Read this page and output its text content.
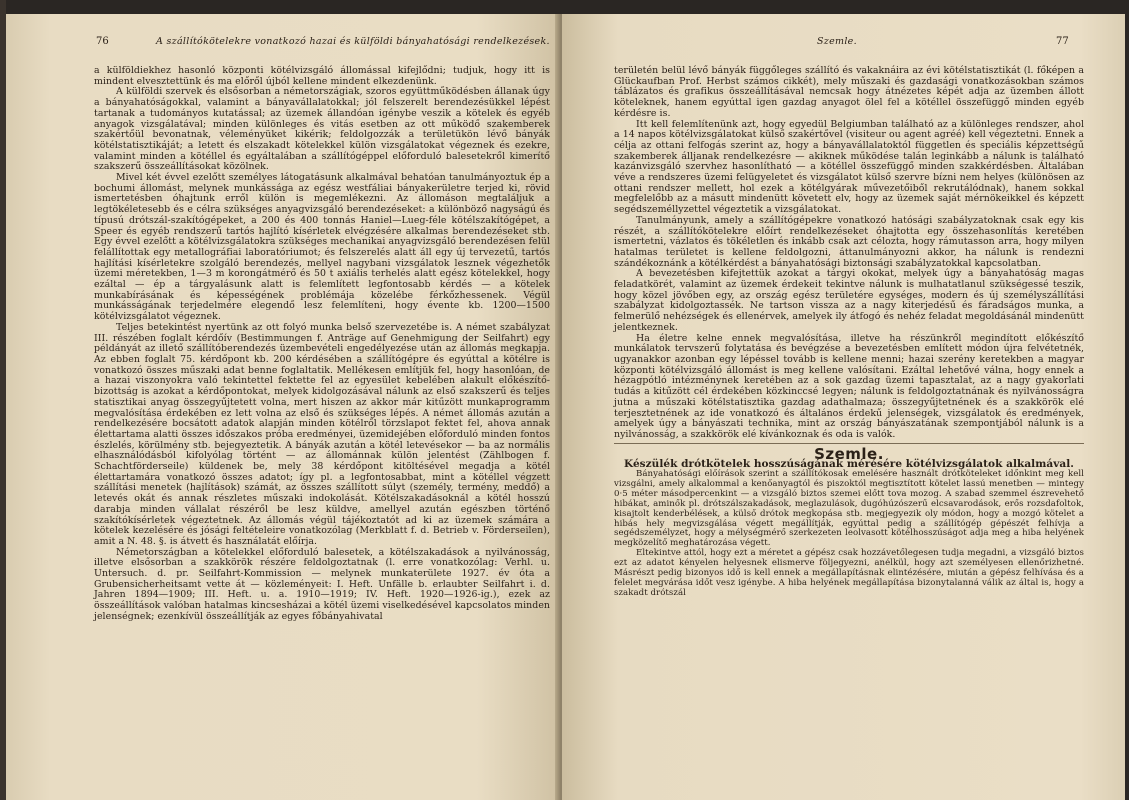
76	A szállítókötelekre vonatkozó hazai és külföldi bányahatósági rendelkezések.

a külföldiekhez hasonló központi kötélvizsgáló állomással kifejlődni; tudjuk, hogy itt is mindent elvesztettünk és ma előről újból kellene mindent elkezdenünk.

A külföldi szervek és elsősorban a németországiak, szoros együttműködésben állanak úgy a bányahatóságokkal, valamint a bányavállalatokkal; jól felszerelt berendezésükkel lépést tartanak a tudományos kutatással; az üzemek állandóan igénybe veszik a kötelek és egyéb anyagok vizsgálatával; minden különleges és vitás esetben az ott működő szakemberek szakértőül bevonatnak, véleményüket kikérik; feldolgozzák a területükön lévő bányák kötélstatisztikáját; a letett és elszakadt kötelekkel külön vizsgálatokat végeznek és ezekre, valamint minden a kötéllel és egyáltalában a szállítógéppel előforduló balesetekről kimerítő szakszerű összeállításokat közölnek.

Mivel két évvel ezelőtt személyes látogatásunk alkalmával behatóan tanulmányoztuk ép a bochumi állomást, melynek munkássága az egész westfáliai bányakerületre terjed ki, rövid ismertetésben óhajtunk erről külön is megemlékezni. Az állomáson megtaláljuk a legtökéletesebb és e célra szükséges anyagvizsgáló berendezéseket: a különböző nagyságú és típusú drótszál-szakítógépeket, a 200 és 400 tonnás Haniel—Lueg-féle kötélszakítógépet, a Speer és egyéb rendszerű tartós hajlító kísérletek elvégzésére alkalmas berendezéseket stb. Egy évvel ezelőtt a kötélvizsgálatokra szükséges mechanikai anyagvizsgáló berendezésen felül felállítottak egy metallográfiai laboratóriumot; és felszerelés alatt áll egy új tervezetű, tartós hajlítási kísérletekre szolgáló berendezés, mellyel nagybani vizsgálatok lesznek végezhetők üzemi méretekben, 1—3 m korongátmérő és 50 t axiális terhelés alatt egész kötelekkel, hogy ezáltal — ép a tárgyalásunk alatt is felemlített legfontosabb kérdés — a kötelek munkabírásának és képességének problémája közelébe férkőzhessenek. Végül munkásságának terjedelmére elegendő lesz felemlíteni, hogy évente kb. 1200—1500 kötélvizsgálatot végeznek.

Teljes betekintést nyertünk az ott folyó munka belső szervezetébe is. A német szabályzat III. részében foglalt kérdőív (Bestimmungen f. Anträge auf Genehmigung der Seilfahrt) egy példányát az illető szállítóberendezés üzembevételi engedélyezése után az állomás megkapja. Az ebben foglalt 75. kérdőpont kb. 200 kérdésében a szállítógépre és egyúttal a kötélre is vonatkozó összes műszaki adat benne foglaltatik. Mellékesen említjük fel, hogy hasonlóan, de a hazai viszonyokra való tekintettel fektette fel az egyesület kebelében alakult előkészítő-bizottság is azokat a kérdőpontokat, melyek kidolgozásával nálunk az első szakszerű és teljes statisztikai anyag összegyűjtetett volna, mert hiszen az akkor már kitűzött munkaprogramm megvalósítása érdekében ez lett volna az első és szükséges lépés. A német állomás azután a rendelkezésére bocsátott adatok alapján minden kötélről törzslapot fektet fel, ahova annak élettartama alatti összes időszakos próba eredményei, üzemidejében előforduló minden fontos észlelés, körülmény stb. bejegyeztetik. A bányák azután a kötél letevésekor — ba az normális elhasználódásból kifolyólag történt — az állománnak külön jelentést (Zählbogen f. Schachtförderseile) küldenek be, mely 38 kérdőpont kitöltésével megadja a kötél élettartamára vonatkozó összes adatot; így pl. a legfontosabbat, mint a kötéllel végzett szállítási menetek (hajlítások) számát, az összes szállított súlyt (személy, termény, meddő) a letevés okát és annak részletes műszaki indokolását. Kötélszakadásoknál a kötél hosszú darabja minden vállalat részéről be lesz küldve, amellyel azután egészben történő szakítókísérletek végeztetnek. Az állomás végül tájékoztatót ad ki az üzemek számára a kötelek kezelésére és jósági feltételeire vonatkozólag (Merkblatt f. d. Betrieb v. Förderseilen), amit a N. 48. §. is átvett és használatát előírja.

Németországban a kötelekkel előforduló balesetek, a kötélszakadások a nyilvánosság, illetve elsősorban a szakkörök részére feldolgoztatnak (l. erre vonatkozólag: Verhl. u. Untersuch. d. pr. Seilfahrt-Kommission — melynek munkaterülete 1927. év óta a Grubensicherheitsamt vette át — közleményeit: I. Heft. Unfälle b. erlaubter Seilfahrt i. d. Jahren 1894—1909; III. Heft. u. a. 1910—1919; IV. Heft. 1920—1926-ig.), ezek az összeállítások valóban hatalmas kincsesházai a kötél üzemi viselkedésével kapcsolatos minden jelenségnek; ezenkívül összeállítják az egyes főbányahivatal

Szemle.	77

területén belül lévő bányák függőleges szállító és vakaknáira az évi kötélstatisztikát (l. főképen a Glückaufban Prof. Herbst számos cikkét), mely műszaki és gazdasági vonatkozásokban számos táblázatos és grafikus összeállításával nemcsak hogy átnézetes képét adja az üzemben állott köteleknek, hanem egyúttal igen gazdag anyagot ölel fel a kötéllel összefüggő minden egyéb kérdésre is.

Itt kell felemlítenünk azt, hogy egyedül Belgiumban található az a különleges rendszer, ahol a 14 napos kötélvizsgálatokat külső szakértővel (visiteur ou agent agréé) kell végeztetni. Ennek a célja az ottani felfogás szerint az, hogy a bányavállalatoktól független és speciális képzettségű szakemberek álljanak rendelkezésre — akiknek működése talán leginkább a nálunk is található kazánvizsgáló szervhez hasonlítható — a kötéllel összefüggő minden szakkérdésben. Általában véve a rendszeres üzemi felügyeletet és vizsgálatot külső szervre bízni nem helyes (különösen az ottani rendszer mellett, hol ezek a kötélgyárak művezetőiből rekrutálódnak), hanem sokkal megfelelőbb az a másutt mindenütt követett elv, hogy az üzemek saját mérnökeikkel és képzett segédszeméllyzettel végeztetik a vizsgálatokat.

Tanulmányunk, amely a szállítógépekre vonatkozó hatósági szabályzatoknak csak egy kis részét, a szállítókötelekre előírt rendelkezéseket óhajtotta egy összehasonlítás keretében ismertetni, vázlatos és tökéletlen és inkább csak azt célozta, hogy rámutasson arra, hogy milyen hatalmas területet is kellene feldolgozni, áttanulmányozni akkor, ha nálunk is rendezni szándékoznánk a kötélkérdést a bányahatósági biztonsági szabályzatokkal kapcsolatban.

A bevezetésben kifejtettük azokat a tárgyi okokat, melyek úgy a bányahatóság magas feladatkörét, valamint az üzemek érdekeit tekintve nálunk is mulhatatlanul szükségessé teszik, hogy közel jövőben egy, az ország egész területére egységes, modern és új személyszállítási szabályzat kidolgoztassék. Ne tartson vissza az a nagy kiterjedésű és fáradságos munka, a felmerülő nehézségek és ellenérvek, amelyek ily átfogó és nehéz feladat megoldásánál mindenütt jelentkeznek.

Ha életre kelne ennek megvalósítása, illetve ha részünkről megindított előkészítő munkálatok tervszerű folytatása és bevégzése a bevezetésben említett módon újra felvétetnék, ugyanakkor azonban egy lépéssel tovább is kellene menni; hazai szerény keretekben a magyar központi kötélvizsgáló állomást is meg kellene valósítani. Ezáltal lehetővé válna, hogy ennek a hézagpótló intézménynek keretében az a sok gazdag üzemi tapasztalat, az a nagy gyakorlati tudás a kitűzött cél érdekében közkinccsé legyen; nálunk is feldolgoztatnának és nyilvánosságra jutna a műszaki kötélstatisztika gazdag adathalmaza; összegyűjtetnének és a szakkörök elé terjesztetnének az ide vonatkozó és általános érdekű jelenségek, vizsgálatok és eredmények, amelyek úgy a bányászati technika, mint az ország bányászatának szempontjából nálunk is a nyilvánosság, a szakkörök elé kívánkoznak és oda is valók.

Szemle.

Készülék drótkötelek hosszúságának mérésére kötélvizsgálatok alkalmával.

Bányahatósági előírások szerint a szállítókosak emelésére használt drótköteleket időnkint meg kell vizsgálni, amely alkalommal a kenőanyagtól és piszoktól megtisztított kötelet lassú menetben — mintegy 0·5 méter másodpercenkint — a vizsgáló biztos szemei előtt tova mozog. A szabad szemmel észrevehető hibákat, aminők pl. drótszálszakadások, meglazulások, dugóhúzószerű elcsavarodások, erős rozsdafoltok, kisajtolt kenderbélések, a külső drótok megkopása stb. megjegyezik oly módon, hogy a mozgó kötelet a hibás hely megvizsgálása végett megállítják, egyúttal pedig a szállítógép gépészét felhívja a segédszemélyzet, hogy a mélységmérő szerkezeten leolvasott kötélhosszúságot adja meg a hiba helyének megközelítő meghatározása végett.

Eltekintve attól, hogy ezt a méretet a gépész csak hozzávetőlegesen tudja megadni, a vizsgáló biztos ezt az adatot kényelen helyesnek elismerve följegyezni, anélkül, hogy azt személyesen ellenőrizhetné. Másrészt pedig bizonyos idő is kell ennek a megállapításnak elintézésére, miután a gépész felhívása és a felelet megvárása időt vesz igénybe. A hiba helyének megállapítása bizonytalanná válik az által is, hogy a szakadt drótszál
